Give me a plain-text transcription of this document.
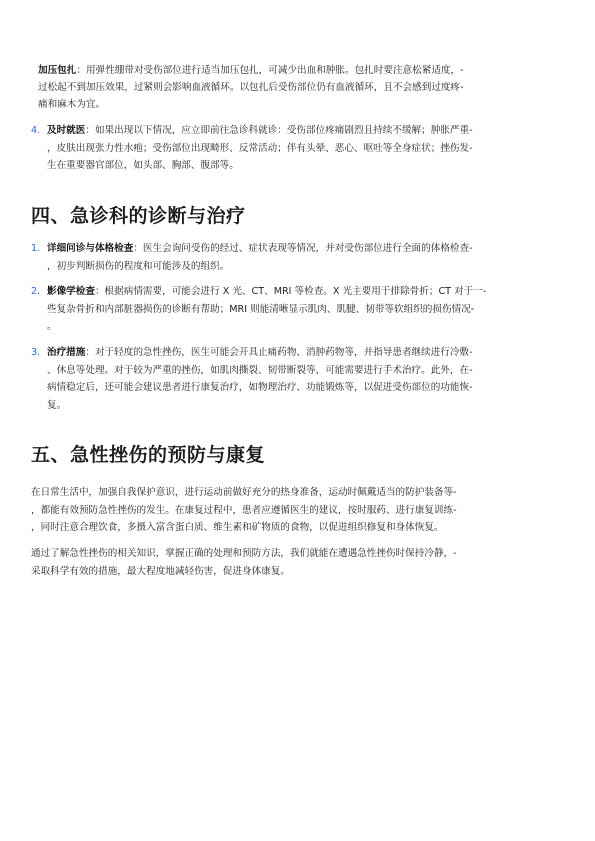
加压包扎：用弹性绷带对受伤部位进行适当加压包扎，可减少出血和肿胀。包扎时要注意松紧适度，-
过松起不到加压效果，过紧则会影响血液循环。以包扎后受伤部位仍有血液循环，且不会感到过度疼-
痛和麻木为宜。
4. 及时就医：如果出现以下情况，应立即前往急诊科就诊：受伤部位疼痛剧烈且持续不缓解；肿胀严重-
，皮肤出现张力性水疱；受伤部位出现畸形、反常活动；伴有头晕、恶心、呕吐等全身症状；挫伤发-
生在重要器官部位，如头部、胸部、腹部等。
四、急诊科的诊断与治疗
1. 详细问诊与体格检查：医生会询问受伤的经过、症状表现等情况，并对受伤部位进行全面的体格检查-
，初步判断损伤的程度和可能涉及的组织。
2. 影像学检查：根据病情需要，可能会进行 X 光、CT、MRI 等检查。X 光主要用于排除骨折；CT 对于一-
些复杂骨折和内部脏器损伤的诊断有帮助；MRI 则能清晰显示肌肉、肌腱、韧带等软组织的损伤情况-
。
3. 治疗措施：对于轻度的急性挫伤，医生可能会开具止痛药物、消肿药物等，并指导患者继续进行冷敷-
、休息等处理。对于较为严重的挫伤，如肌肉撕裂、韧带断裂等，可能需要进行手术治疗。此外，在-
病情稳定后，还可能会建议患者进行康复治疗，如物理治疗、功能锻炼等，以促进受伤部位的功能恢-
复。
五、急性挫伤的预防与康复
在日常生活中，加强自我保护意识，进行运动前做好充分的热身准备，运动时佩戴适当的防护装备等-
，都能有效预防急性挫伤的发生。在康复过程中，患者应遵循医生的建议，按时服药、进行康复训练-
，同时注意合理饮食，多摄入富含蛋白质、维生素和矿物质的食物，以促进组织修复和身体恢复。
通过了解急性挫伤的相关知识，掌握正确的处理和预防方法，我们就能在遭遇急性挫伤时保持冷静，-
采取科学有效的措施，最大程度地减轻伤害，促进身体康复。
